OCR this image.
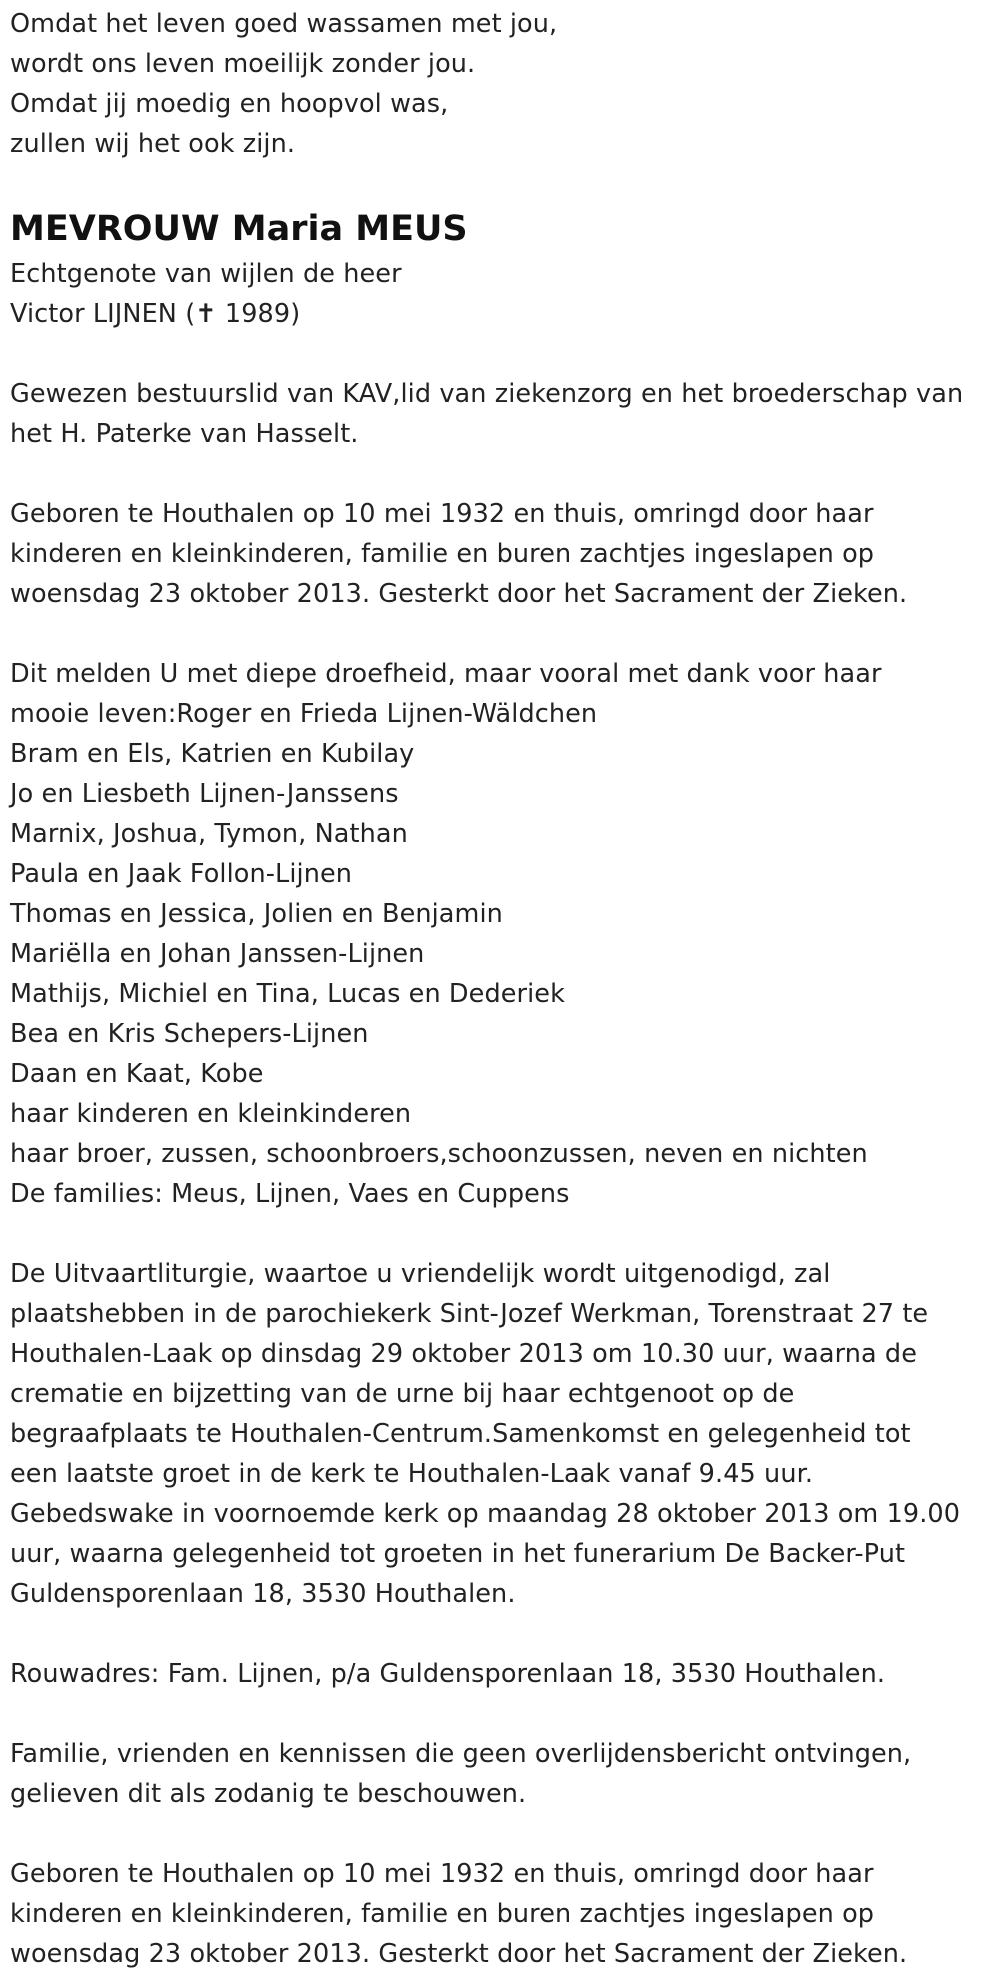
Omdat het leven goed wassamen met jou,
wordt ons leven moeilijk zonder jou.
Omdat jij moedig en hoopvol was,
zullen wij het ook zijn.
MEVROUW Maria MEUS
Echtgenote van wijlen de heer
Victor LIJNEN (✝ 1989)
Gewezen bestuurslid van KAV,lid van ziekenzorg en het broederschap van
het H. Paterke van Hasselt.
Geboren te Houthalen op 10 mei 1932 en thuis, omringd door haar
kinderen en kleinkinderen, familie en buren zachtjes ingeslapen op
woensdag 23 oktober 2013. Gesterkt door het Sacrament der Zieken.
Dit melden U met diepe droefheid, maar vooral met dank voor haar
mooie leven:Roger en Frieda Lijnen-Wäldchen
Bram en Els, Katrien en Kubilay
Jo en Liesbeth Lijnen-Janssens
Marnix, Joshua, Tymon, Nathan
Paula en Jaak Follon-Lijnen
Thomas en Jessica, Jolien en Benjamin
Mariëlla en Johan Janssen-Lijnen
Mathijs, Michiel en Tina, Lucas en Dederiek
Bea en Kris Schepers-Lijnen
Daan en Kaat, Kobe
haar kinderen en kleinkinderen
haar broer, zussen, schoonbroers,schoonzussen, neven en nichten
De families: Meus, Lijnen, Vaes en Cuppens
De Uitvaartliturgie, waartoe u vriendelijk wordt uitgenodigd, zal
plaatshebben in de parochiekerk Sint-Jozef Werkman, Torenstraat 27 te
Houthalen-Laak op dinsdag 29 oktober 2013 om 10.30 uur, waarna de
crematie en bijzetting van de urne bij haar echtgenoot op de
begraafplaats te Houthalen-Centrum.Samenkomst en gelegenheid tot
een laatste groet in de kerk te Houthalen-Laak vanaf 9.45 uur.
Gebedswake in voornoemde kerk op maandag 28 oktober 2013 om 19.00
uur, waarna gelegenheid tot groeten in het funerarium De Backer-Put
Guldensporenlaan 18, 3530 Houthalen.
Rouwadres: Fam. Lijnen, p/a Guldensporenlaan 18, 3530 Houthalen.
Familie, vrienden en kennissen die geen overlijdensbericht ontvingen,
gelieven dit als zodanig te beschouwen.
Geboren te Houthalen op 10 mei 1932 en thuis, omringd door haar
kinderen en kleinkinderen, familie en buren zachtjes ingeslapen op
woensdag 23 oktober 2013. Gesterkt door het Sacrament der Zieken.
